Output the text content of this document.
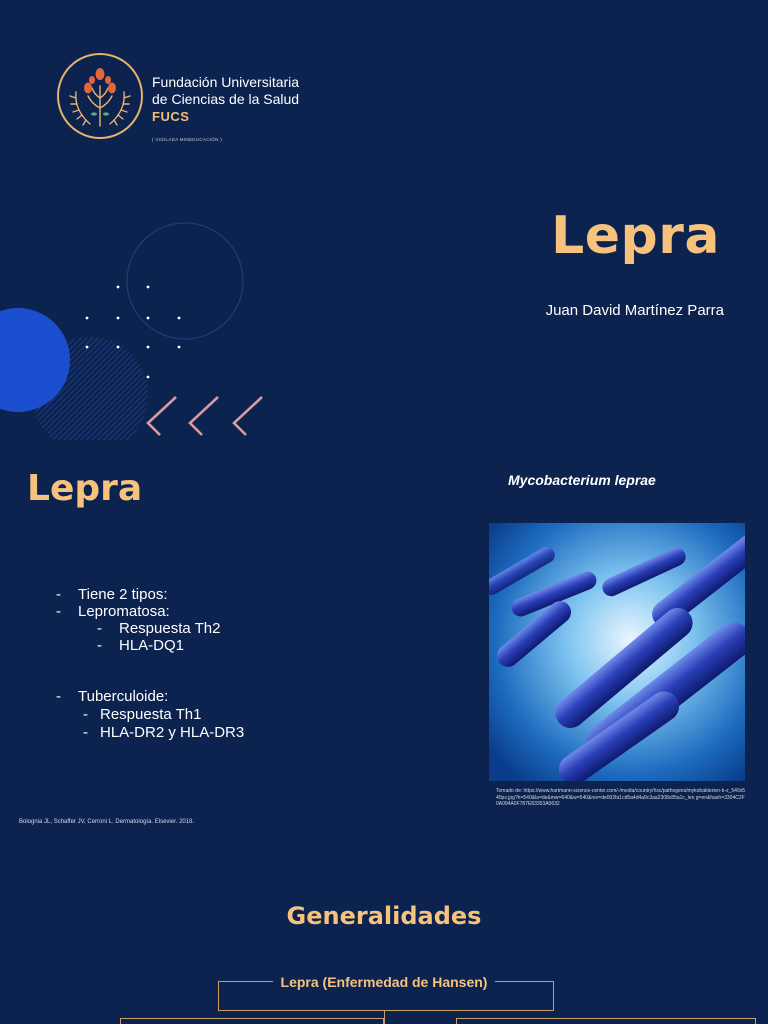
Fundación Universitaria
de Ciencias de la Salud
FUCS
( VIGILADA MINEDUCACIÓN )
Lepra
Juan David Martínez Parra
Lepra
- Tiene 2 tipos:
- Lepromatosa:
- Respuesta Th2
- HLA-DQ1
- Tuberculoide:
- Respuesta Th1
- HLA-DR2 y HLA-DR3
Mycobacterium leprae
Tomado de: https://www.hartmann-science-center.com/-/media/country/hsc/pathogens/mykobakterien-b-z_540x540px.jpg?h=540&la=de&mw=640&w=540&rev=de002fa1cd5a4d4a9c3aa2308c85a1c_len g=en&hash=3304C2F0A094A0F787E83353A0632
Bolognia JL, Schaffer JV, Cerroni L. Dermatología. Elsevier. 2018.
Generalidades
Lepra (Enfermedad de Hansen)
